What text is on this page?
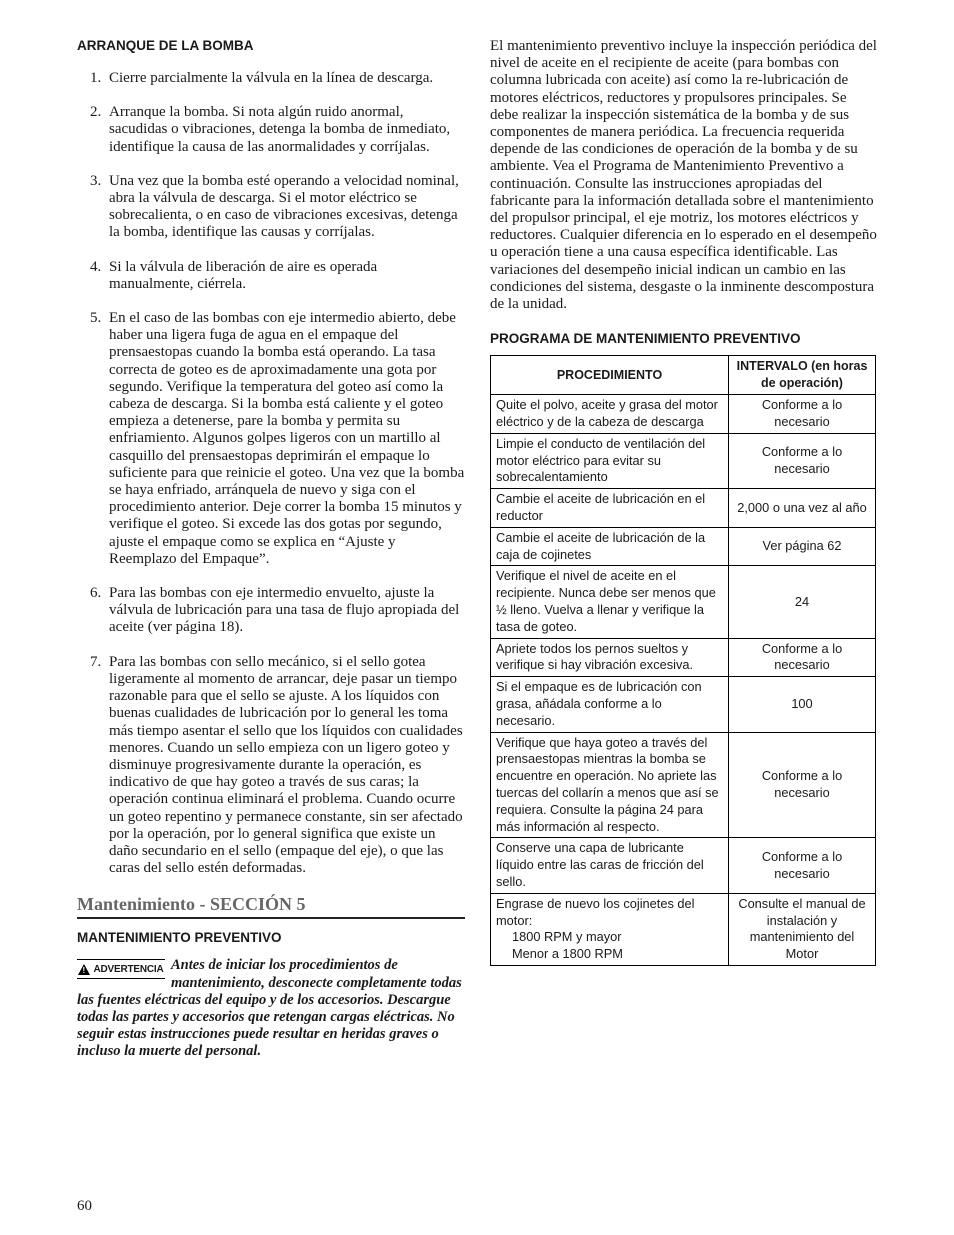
ARRANQUE DE LA BOMBA
1. Cierre parcialmente la válvula en la línea de descarga.
2. Arranque la bomba. Si nota algún ruido anormal, sacudidas o vibraciones, detenga la bomba de inmediato, identifique la causa de las anormalidades y corríjalas.
3. Una vez que la bomba esté operando a velocidad nominal, abra la válvula de descarga. Si el motor eléctrico se sobrecalienta, o en caso de vibraciones excesivas, detenga la bomba, identifique las causas y corríjalas.
4. Si la válvula de liberación de aire es operada manualmente, ciérrela.
5. En el caso de las bombas con eje intermedio abierto, debe haber una ligera fuga de agua en el empaque del prensaestopas cuando la bomba está operando. La tasa correcta de goteo es de aproximadamente una gota por segundo. Verifique la temperatura del goteo así como la cabeza de descarga. Si la bomba está caliente y el goteo empieza a detenerse, pare la bomba y permita su enfriamiento. Algunos golpes ligeros con un martillo al casquillo del prensaestopas deprimirán el empaque lo suficiente para que reinicie el goteo. Una vez que la bomba se haya enfriado, arránquela de nuevo y siga con el procedimiento anterior. Deje correr la bomba 15 minutos y verifique el goteo. Si excede las dos gotas por segundo, ajuste el empaque como se explica en “Ajuste y Reemplazo del Empaque”.
6. Para las bombas con eje intermedio envuelto, ajuste la válvula de lubricación para una tasa de flujo apropiada del aceite (ver página 18).
7. Para las bombas con sello mecánico, si el sello gotea ligeramente al momento de arrancar, deje pasar un tiempo razonable para que el sello se ajuste. A los líquidos con buenas cualidades de lubricación por lo general les toma más tiempo asentar el sello que los líquidos con cualidades menores. Cuando un sello empieza con un ligero goteo y disminuye progresivamente durante la operación, es indicativo de que hay goteo a través de sus caras; la operación continua eliminará el problema. Cuando ocurre un goteo repentino y permanece constante, sin ser afectado por la operación, por lo general significa que existe un daño secundario en el sello (empaque del eje), o que las caras del sello estén deformadas.
Mantenimiento - SECCIÓN 5
MANTENIMIENTO PREVENTIVO
! ADVERTENCIA Antes de iniciar los procedimientos de mantenimiento, desconecte completamente todas las fuentes eléctricas del equipo y de los accesorios. Descargue todas las partes y accesorios que retengan cargas eléctricas. No seguir estas instrucciones puede resultar en heridas graves o incluso la muerte del personal.
60

El mantenimiento preventivo incluye la inspección periódica del nivel de aceite en el recipiente de aceite (para bombas con columna lubricada con aceite) así como la re-lubricación de motores eléctricos, reductores y propulsores principales. Se debe realizar la inspección sistemática de la bomba y de sus componentes de manera periódica. La frecuencia requerida depende de las condiciones de operación de la bomba y de su ambiente. Vea el Programa de Mantenimiento Preventivo a continuación. Consulte las instrucciones apropiadas del fabricante para la información detallada sobre el mantenimiento del propulsor principal, el eje motriz, los motores eléctricos y reductores. Cualquier diferencia en lo esperado en el desempeño u operación tiene a una causa específica identificable. Las variaciones del desempeño inicial indican un cambio en las condiciones del sistema, desgaste o la inminente descompostura de la unidad.

PROGRAMA DE MANTENIMIENTO PREVENTIVO
PROCEDIMIENTO	INTERVALO (en horas de operación)
Quite el polvo, aceite y grasa del motor eléctrico y de la cabeza de descarga	Conforme a lo necesario
Limpie el conducto de ventilación del motor eléctrico para evitar su sobrecalentamiento	Conforme a lo necesario
Cambie el aceite de lubricación en el reductor	2,000 o una vez al año
Cambie el aceite de lubricación de la caja de cojinetes	Ver página 62
Verifique el nivel de aceite en el recipiente. Nunca debe ser menos que ½ lleno. Vuelva a llenar y verifique la tasa de goteo.	24
Apriete todos los pernos sueltos y verifique si hay vibración excesiva.	Conforme a lo necesario
Si el empaque es de lubricación con grasa, añádala conforme a lo necesario.	100
Verifique que haya goteo a través del prensaestopas mientras la bomba se encuentre en operación. No apriete las tuercas del collarín a menos que así se requiera. Consulte la página 24 para más información al respecto.	Conforme a lo necesario
Conserve una capa de lubricante líquido entre las caras de fricción del sello.	Conforme a lo necesario
Engrase de nuevo los cojinetes del motor:
1800 RPM y mayor
Menor a 1800 RPM	Consulte el manual de instalación y mantenimiento del Motor
